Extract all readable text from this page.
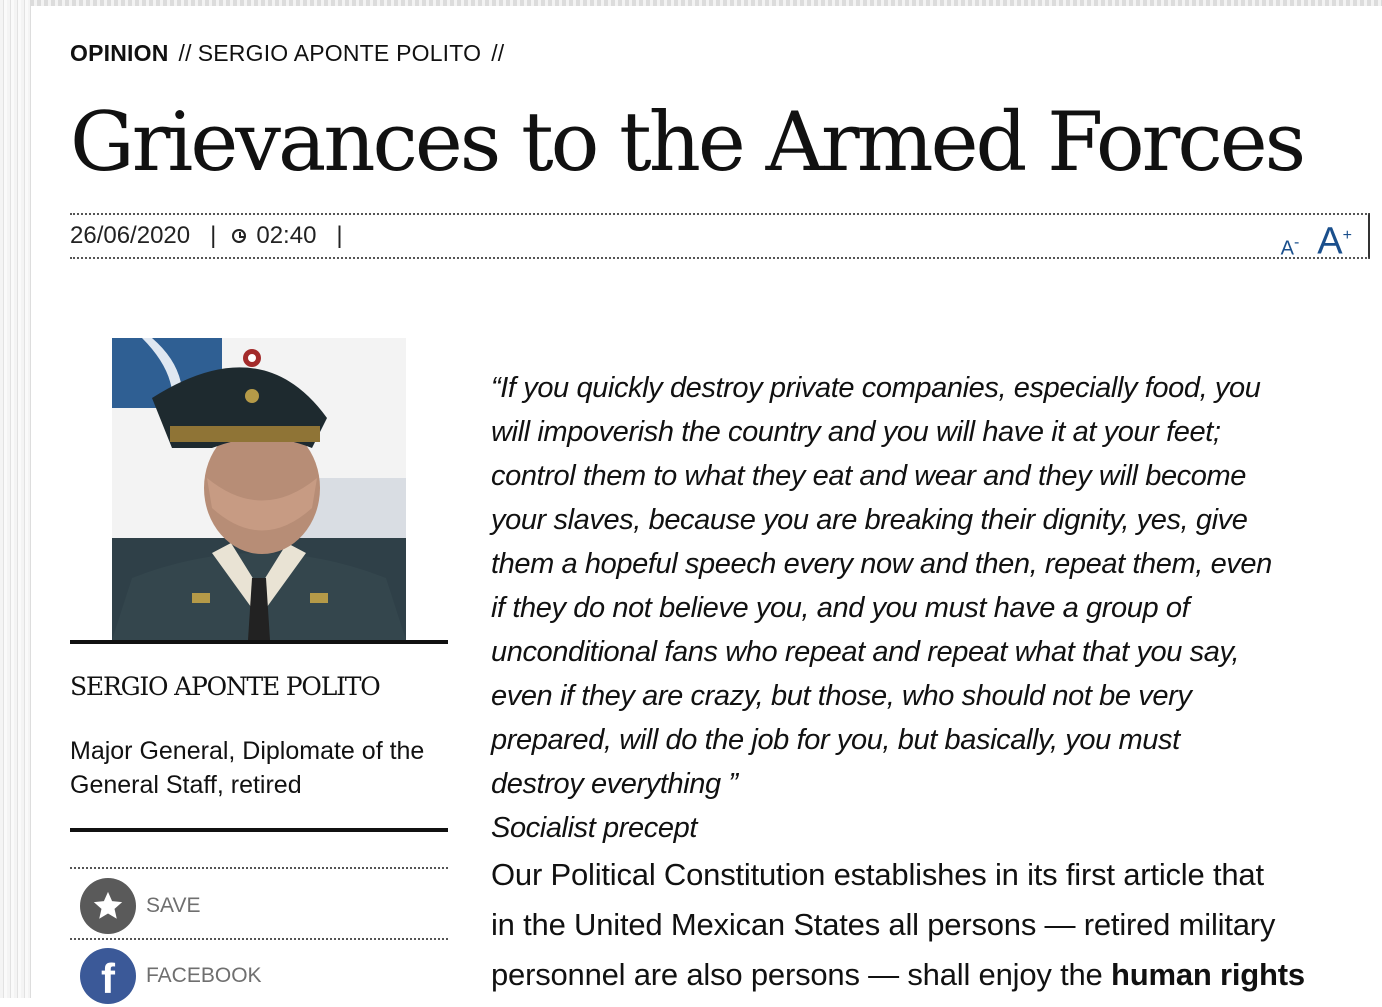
OPINION // SERGIO APONTE POLITO //
Grievances to the Armed Forces
26/06/2020 | 02:40 |	A- A+
SERGIO APONTE POLITO
Major General, Diplomate of the General Staff, retired
SAVE
f FACEBOOK
“If you quickly destroy private companies, especially food, you
will impoverish the country and you will have it at your feet;
control them to what they eat and wear and they will become
your slaves, because you are breaking their dignity, yes, give
them a hopeful speech every now and then, repeat them, even
if they do not believe you, and you must have a group of
unconditional fans who repeat and repeat what that you say,
even if they are crazy, but those, who should not be very
prepared, will do the job for you, but basically, you must
destroy everything ”
Socialist precept
Our Political Constitution establishes in its first article that
in the United Mexican States all persons — retired military
personnel are also persons — shall enjoy the human rights
